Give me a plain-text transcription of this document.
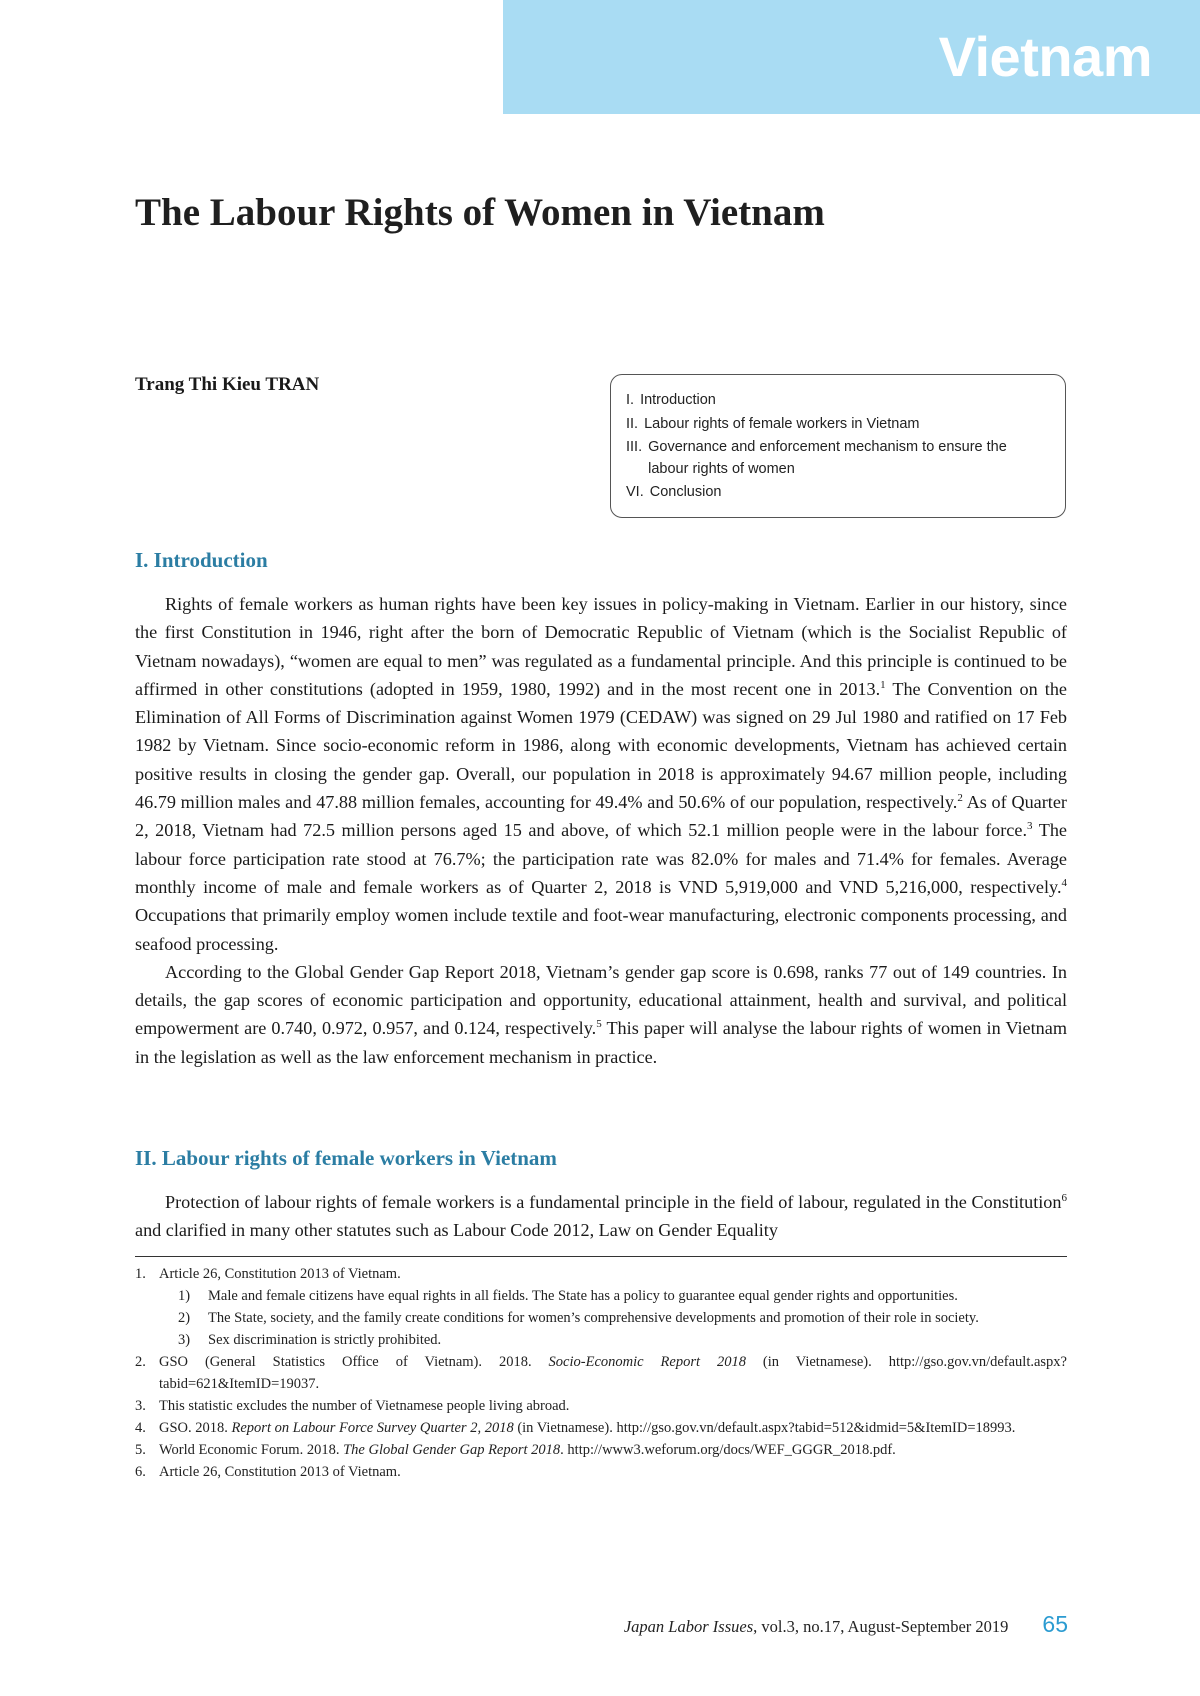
Vietnam
The Labour Rights of Women in Vietnam
Trang Thi Kieu TRAN
I. Introduction
II. Labour rights of female workers in Vietnam
III. Governance and enforcement mechanism to ensure the labour rights of women
VI. Conclusion
I. Introduction

Rights of female workers as human rights have been key issues in policy-making in Vietnam. Earlier in our history, since the first Constitution in 1946, right after the born of Democratic Republic of Vietnam (which is the Socialist Republic of Vietnam nowadays), “women are equal to men” was regulated as a fundamental principle. And this principle is continued to be affirmed in other constitutions (adopted in 1959, 1980, 1992) and in the most recent one in 2013.$^1$ The Convention on the Elimination of All Forms of Discrimination against Women 1979 (CEDAW) was signed on 29 Jul 1980 and ratified on 17 Feb 1982 by Vietnam. Since socio-economic reform in 1986, along with economic developments, Vietnam has achieved certain positive results in closing the gender gap. Overall, our population in 2018 is approximately 94.67 million people, including 46.79 million males and 47.88 million females, accounting for 49.4% and 50.6% of our population, respectively.$^2$ As of Quarter 2, 2018, Vietnam had 72.5 million persons aged 15 and above, of which 52.1 million people were in the labour force.$^3$ The labour force participation rate stood at 76.7%; the participation rate was 82.0% for males and 71.4% for females. Average monthly income of male and female workers as of Quarter 2, 2018 is VND 5,919,000 and VND 5,216,000, respectively.$^4$ Occupations that primarily employ women include textile and foot-wear manufacturing, electronic components processing, and seafood processing.

According to the Global Gender Gap Report 2018, Vietnam’s gender gap score is 0.698, ranks 77 out of 149 countries. In details, the gap scores of economic participation and opportunity, educational attainment, health and survival, and political empowerment are 0.740, 0.972, 0.957, and 0.124, respectively.$^5$ This paper will analyse the labour rights of women in Vietnam in the legislation as well as the law enforcement mechanism in practice.

II. Labour rights of female workers in Vietnam

Protection of labour rights of female workers is a fundamental principle in the field of labour, regulated in the Constitution$^6$ and clarified in many other statutes such as Labour Code 2012, Law on Gender Equality

1. Article 26, Constitution 2013 of Vietnam.
1)	Male and female citizens have equal rights in all fields. The State has a policy to guarantee equal gender rights and opportunities.
2)	The State, society, and the family create conditions for women’s comprehensive developments and promotion of their role in society.
3)	Sex discrimination is strictly prohibited.
2. GSO (General Statistics Office of Vietnam). 2018. Socio-Economic Report 2018 (in Vietnamese). http://gso.gov.vn/default.aspx?tabid=621&ItemID=19037.
3. This statistic excludes the number of Vietnamese people living abroad.
4. GSO. 2018. Report on Labour Force Survey Quarter 2, 2018 (in Vietnamese). http://gso.gov.vn/default.aspx?tabid=512&idmid=5&ItemID=18993.
5. World Economic Forum. 2018. The Global Gender Gap Report 2018. http://www3.weforum.org/docs/WEF_GGGR_2018.pdf.
6. Article 26, Constitution 2013 of Vietnam.
Japan Labor Issues , vol.3, no.17, August-September 2019 65
